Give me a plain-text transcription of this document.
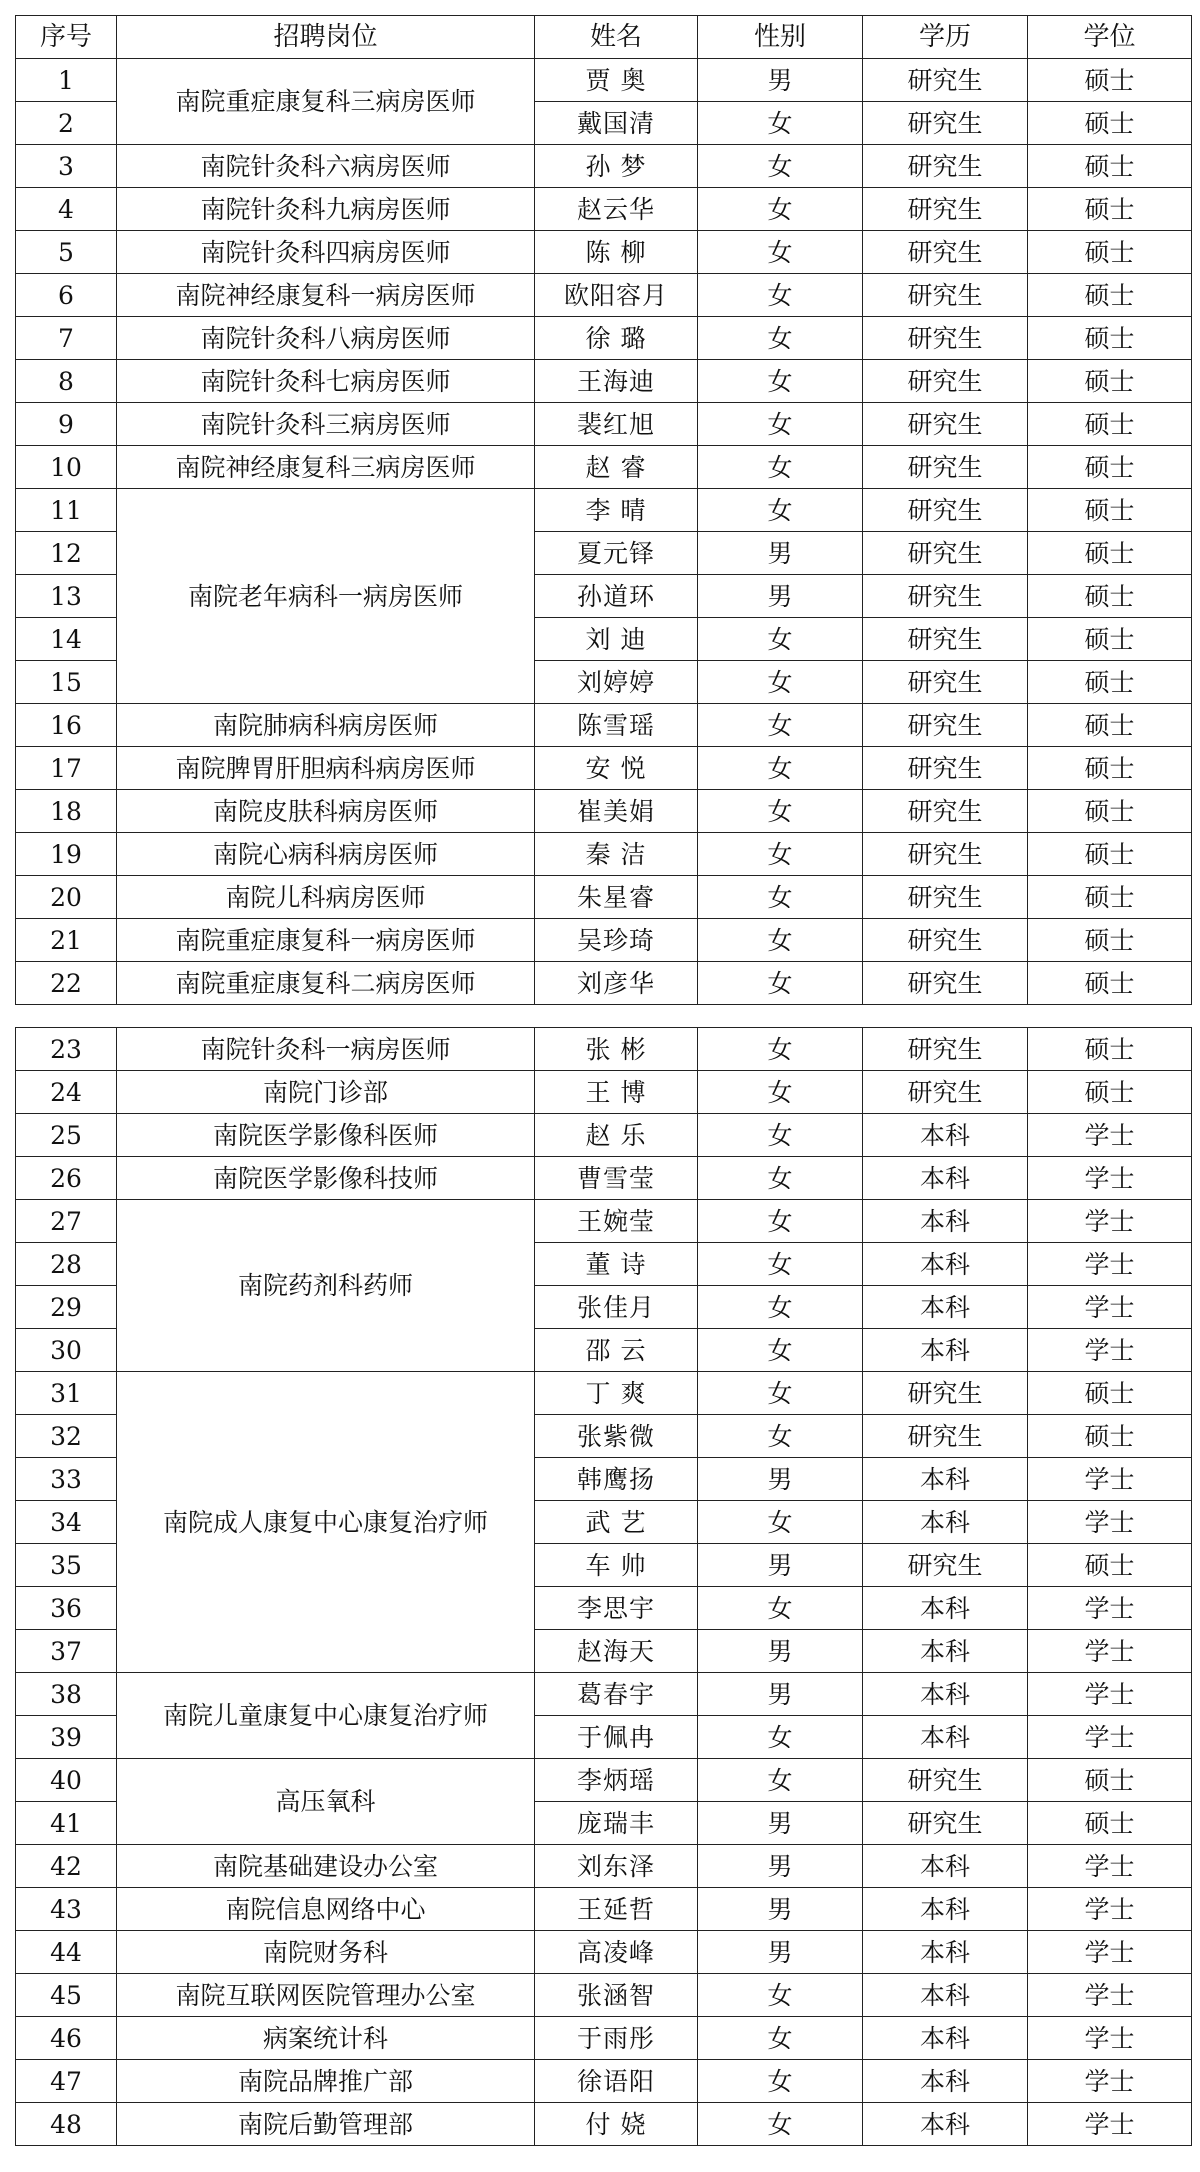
序号	招聘岗位	姓名	性别	学历	学位
1	南院重症康复科三病房医师	贾 奥	男	研究生	硕士
2		戴国清	女	研究生	硕士
3	南院针灸科六病房医师	孙 梦	女	研究生	硕士
4	南院针灸科九病房医师	赵云华	女	研究生	硕士
5	南院针灸科四病房医师	陈 柳	女	研究生	硕士
6	南院神经康复科一病房医师	欧阳容月	女	研究生	硕士
7	南院针灸科八病房医师	徐 璐	女	研究生	硕士
8	南院针灸科七病房医师	王海迪	女	研究生	硕士
9	南院针灸科三病房医师	裴红旭	女	研究生	硕士
10	南院神经康复科三病房医师	赵 睿	女	研究生	硕士
11	南院老年病科一病房医师	李 晴	女	研究生	硕士
12		夏元铎	男	研究生	硕士
13		孙道环	男	研究生	硕士
14		刘 迪	女	研究生	硕士
15		刘婷婷	女	研究生	硕士
16	南院肺病科病房医师	陈雪瑶	女	研究生	硕士
17	南院脾胃肝胆病科病房医师	安 悦	女	研究生	硕士
18	南院皮肤科病房医师	崔美娟	女	研究生	硕士
19	南院心病科病房医师	秦 洁	女	研究生	硕士
20	南院儿科病房医师	朱星睿	女	研究生	硕士
21	南院重症康复科一病房医师	吴珍琦	女	研究生	硕士
22	南院重症康复科二病房医师	刘彦华	女	研究生	硕士
23	南院针灸科一病房医师	张 彬	女	研究生	硕士
24	南院门诊部	王 博	女	研究生	硕士
25	南院医学影像科医师	赵 乐	女	本科	学士
26	南院医学影像科技师	曹雪莹	女	本科	学士
27	南院药剂科药师	王婉莹	女	本科	学士
28		董 诗	女	本科	学士
29		张佳月	女	本科	学士
30		邵 云	女	本科	学士
31	南院成人康复中心康复治疗师	丁 爽	女	研究生	硕士
32		张紫微	女	研究生	硕士
33		韩鹰扬	男	本科	学士
34		武 艺	女	本科	学士
35		车 帅	男	研究生	硕士
36		李思宇	女	本科	学士
37		赵海天	男	本科	学士
38	南院儿童康复中心康复治疗师	葛春宇	男	本科	学士
39		于佩冉	女	本科	学士
40	高压氧科	李炳瑶	女	研究生	硕士
41		庞瑞丰	男	研究生	硕士
42	南院基础建设办公室	刘东泽	男	本科	学士
43	南院信息网络中心	王延哲	男	本科	学士
44	南院财务科	高凌峰	男	本科	学士
45	南院互联网医院管理办公室	张涵智	女	本科	学士
46	病案统计科	于雨彤	女	本科	学士
47	南院品牌推广部	徐语阳	女	本科	学士
48	南院后勤管理部	付 娆	女	本科	学士
